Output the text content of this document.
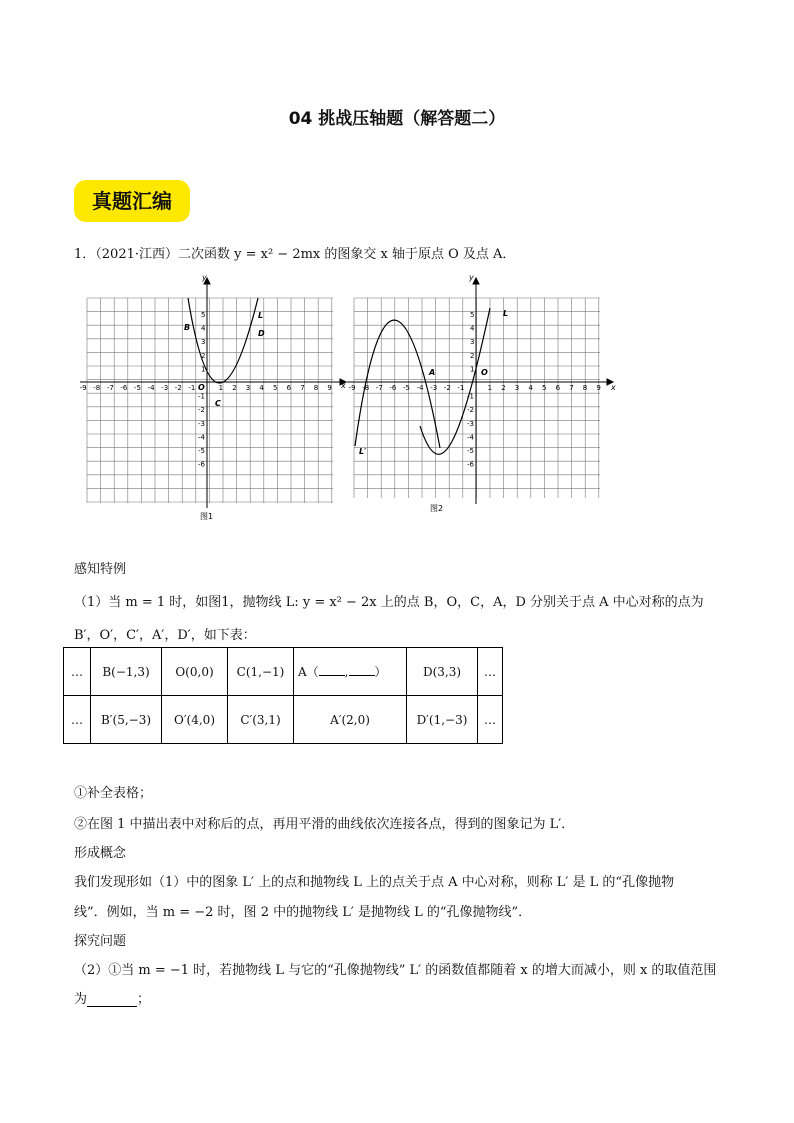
04 挑战压轴题（解答题二）
真题汇编
1．（2021·江西）二次函数 y = x² − 2mx 的图象交 x 轴于原点 O 及点 A．
-9 -8 -7 -6 -5 -4 -3 -2 -1	1 2 3 4 5 6 7 8 9
5
4
3
2
1
-1
-2
-3
-4
-5
-6
x
y
B
L
D
O
C
图1
-9 -8 -7 -6 -5 -4 -3 -2 -1	1 2 3 4 5 6 7 8 9
5
4
3
2
1
-1
-2
-3
-4
-5
-6
x
y
L
L′
A	O
图2
感知特例
（1）当 m = 1 时，如图1，抛物线 L: y = x² − 2x 上的点 B，O，C，A，D 分别关于点 A 中心对称的点为
B′，O′，C′，A′，D′，如下表：
…	B(−1,3)	O(0,0)	C(1,−1)	A（ , ）	D(3,3)	…
…	B′(5,−3)	O′(4,0)	C′(3,1)	A′(2,0)	D′(1,−3)	…
①补全表格；
②在图 1 中描出表中对称后的点，再用平滑的曲线依次连接各点，得到的图象记为 L′．
形成概念
我们发现形如（1）中的图象 L′ 上的点和抛物线 L 上的点关于点 A 中心对称，则称 L′ 是 L 的“孔像抛物
线”．例如，当 m = −2 时，图 2 中的抛物线 L′ 是抛物线 L 的“孔像抛物线”．
探究问题
（2）①当 m = −1 时，若抛物线 L 与它的“孔像抛物线” L′ 的函数值都随着 x 的增大而减小，则 x 的取值范围
为	；
